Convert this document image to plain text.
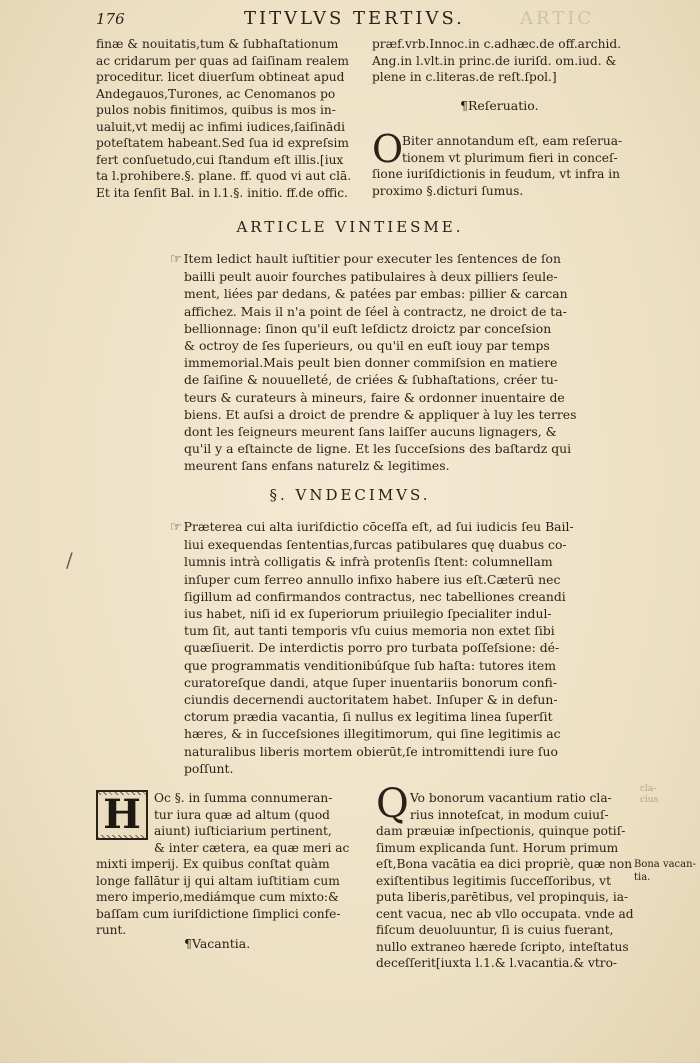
176	TITVLVS TERTIVS.	ARTIC
finæ & nouitatis,tum & ſubhaſtationum
ac cridarum per quas ad ſaiſinam realem
proceditur. licet diuerſum obtineat apud
Andegauos,Turones, ac Cenomanos po
pulos nobis finitimos, quibus is mos in-
ualuit,vt medij ac infimi iudices,ſaiſinādi
poteſtatem habeant.Sed ſua id expreſsim
fert conſuetudo,cui ſtandum eſt illis.[iux
ta l.prohibere.§. plane. ff. quod vi aut clā.
Et ita ſenſit Bal. in l.1.§. initio. ff.de offic.
præf.vrb.Innoc.in c.adhæc.de off.archid.
Ang.in l.vlt.in princ.de iuriſd. om.iud. &
plene in c.literas.de reſt.ſpol.]
¶Reſeruatio.
O
Biter annotandum eſt, eam reſerua-
tionem vt plurimum fieri in conceſ-
ſione iuriſdictionis in feudum, vt infra in
proximo §.dicturi ſumus.
ARTICLE VINTIESME.
☞ Item ledict hault iuſtitier pour executer les ſentences de ſon
bailli peult auoir fourches patibulaires à deux pilliers ſeule-
ment, liées par dedans, & patées par embas: pillier & carcan
affichez. Mais il n'a point de ſéel à contractz, ne droict de ta-
bellionnage: ſinon qu'il euſt leſdictz droictz par conceſsion
& octroy de ſes ſuperieurs, ou qu'il en euſt iouy par temps
immemorial.Mais peult bien donner commiſsion en matiere
de ſaiſine & nouuelleté, de criées & ſubhaſtations, créer tu-
teurs & curateurs à mineurs, faire & ordonner inuentaire de
biens. Et auſsi a droict de prendre & appliquer à luy les terres
dont les ſeigneurs meurent ſans laiſſer aucuns lignagers, &
qu'il y a eſtaincte de ligne. Et les ſucceſsions des baſtardz qui
meurent ſans enfans naturelz & legitimes.
§. VNDECIMVS.
/
☞ Præterea cui alta iuriſdictio cōceſſa eſt, ad ſui iudicis ſeu Bail-
liui exequendas ſententias,furcas patibulares quę duabus co-
lumnis intrà colligatis & infrà protenſis ſtent: columnellam
inſuper cum ferreo annullo infixo habere ius eſt.Cæterū nec
ſigillum ad confirmandos contractus, nec tabelliones creandi
ius habet, niſi id ex ſuperiorum priuilegio ſpecialiter indul-
tum ſit, aut tanti temporis vſu cuius memoria non extet ſibi
quæſiuerit. De interdictis porro pro turbata poſſeſsione: dé-
que programmatis venditionibúſque ſub haſta: tutores item
curatoreſque dandi, atque ſuper inuentariis bonorum confi-
ciundis decernendi auctoritatem habet. Inſuper & in defun-
ctorum prædia vacantia, ſi nullus ex legitima linea ſuperſit
hæres, & in ſucceſsiones illegitimorum, qui ſine legitimis ac
naturalibus liberis mortem obierūt,ſe intromittendi iure ſuo
poſſunt.
H	Oc §. in ſumma connumeran-
tur iura quæ ad altum (quod
aiunt) iuſticiarium pertinent,
& inter cætera, ea quæ meri ac
mixti imperij. Ex quibus conſtat quàm
longe fallātur ij qui altam iuſtitiam cum
mero imperio,mediámque cum mixto:&
baſſam cum iuriſdictione ſimplici confe-
runt.
¶Vacantia.
Q Vo bonorum vacantium ratio cla-
rius innoteſcat, in modum cuiuſ-
dam præuiæ inſpectionis, quinque potiſ-
ſimum explicanda ſunt. Horum primum
eſt,Bona vacātia ea dici propriè, quæ non
exiſtentibus legitimis ſucceſſoribus, vt
puta liberis,parētibus, vel propinquis, ia-
cent vacua, nec ab vllo occupata. vnde ad
fiſcum deuoluuntur, ſi is cuius fuerant,
nullo extraneo hærede ſcripto, inteſtatus
deceſſerit[iuxta l.1.& l.vacantia.& vtro-
cla-
cius
Bona vacan-
tia.
